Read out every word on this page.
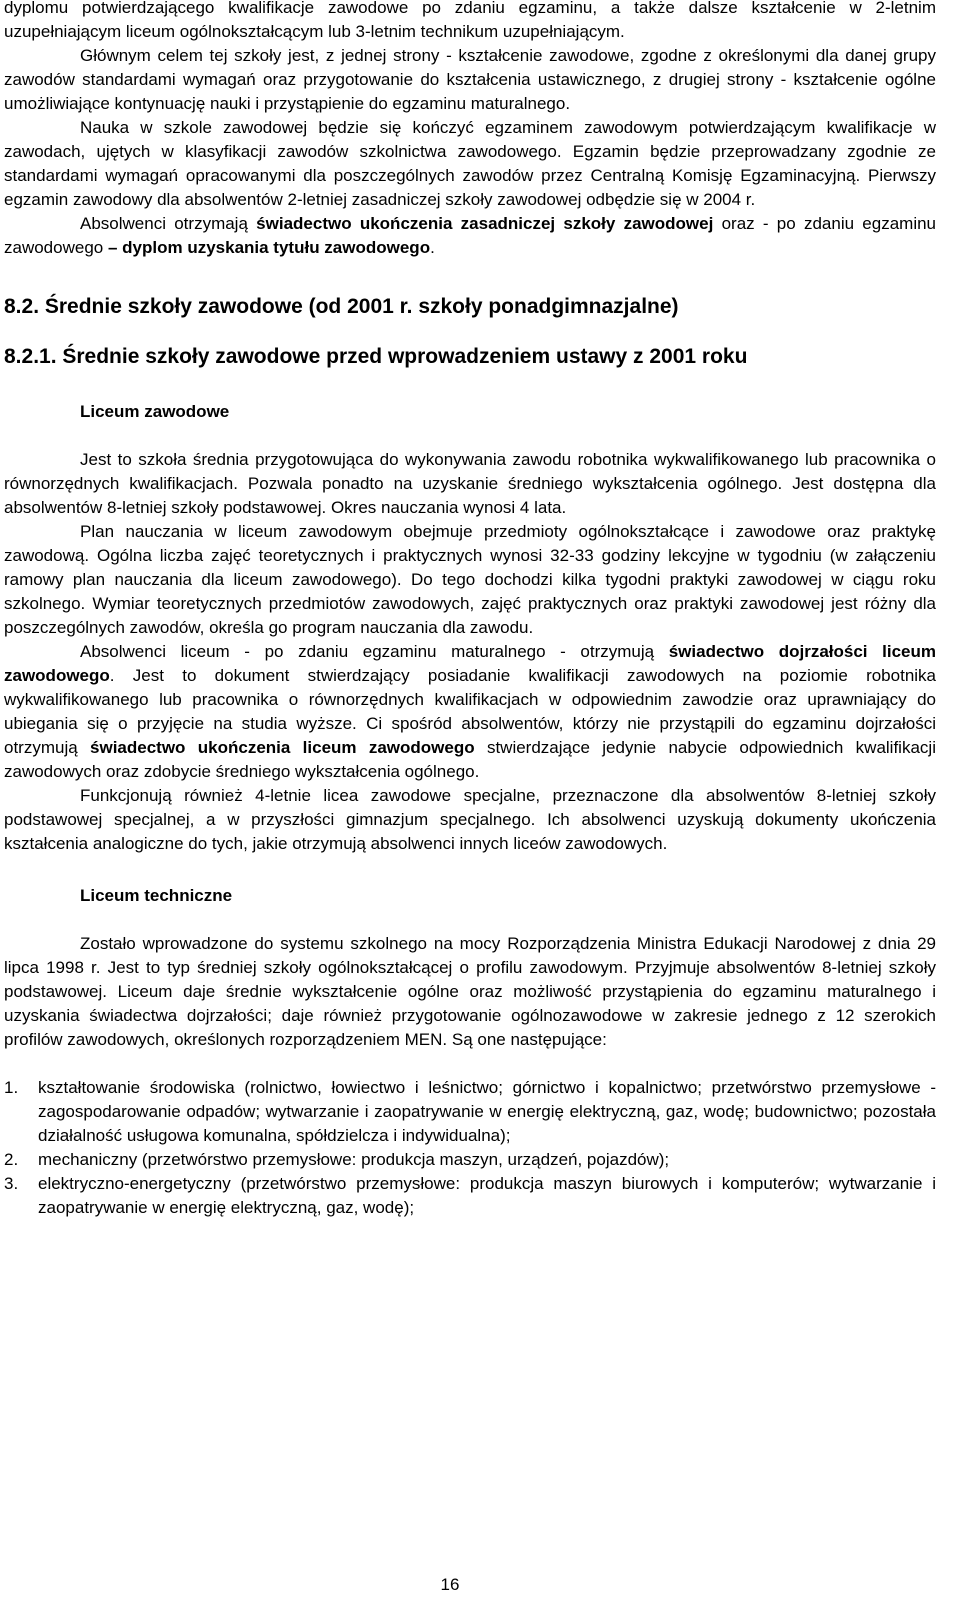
dyplomu potwierdzającego kwalifikacje zawodowe po zdaniu egzaminu, a także dalsze kształcenie w 2-letnim uzupełniającym liceum ogólnokształcącym lub 3-letnim technikum uzupełniającym.

Głównym celem tej szkoły jest, z jednej strony - kształcenie zawodowe, zgodne z określonymi dla danej grupy zawodów standardami wymagań oraz przygotowanie do kształcenia ustawicznego, z drugiej strony - kształcenie ogólne umożliwiające kontynuację nauki i przystąpienie do egzaminu maturalnego.

Nauka w szkole zawodowej będzie się kończyć egzaminem zawodowym potwierdzającym kwalifikacje w zawodach, ujętych w klasyfikacji zawodów szkolnictwa zawodowego. Egzamin będzie przeprowadzany zgodnie ze standardami wymagań opracowanymi dla poszczególnych zawodów przez Centralną Komisję Egzaminacyjną. Pierwszy egzamin zawodowy dla absolwentów 2-letniej zasadniczej szkoły zawodowej odbędzie się w 2004 r.

Absolwenci otrzymają świadectwo ukończenia zasadniczej szkoły zawodowej oraz - po zdaniu egzaminu zawodowego – dyplom uzyskania tytułu zawodowego.

8.2. Średnie szkoły zawodowe (od 2001 r. szkoły ponadgimnazjalne)
8.2.1. Średnie szkoły zawodowe przed wprowadzeniem ustawy z 2001 roku
Liceum zawodowe

Jest to szkoła średnia przygotowująca do wykonywania zawodu robotnika wykwalifikowanego lub pracownika o równorzędnych kwalifikacjach. Pozwala ponadto na uzyskanie średniego wykształcenia ogólnego. Jest dostępna dla absolwentów 8-letniej szkoły podstawowej. Okres nauczania wynosi 4 lata.

Plan nauczania w liceum zawodowym obejmuje przedmioty ogólnokształcące i zawodowe oraz praktykę zawodową. Ogólna liczba zajęć teoretycznych i praktycznych wynosi 32-33 godziny lekcyjne w tygodniu (w załączeniu ramowy plan nauczania dla liceum zawodowego). Do tego dochodzi kilka tygodni praktyki zawodowej w ciągu roku szkolnego. Wymiar teoretycznych przedmiotów zawodowych, zajęć praktycznych oraz praktyki zawodowej jest różny dla poszczególnych zawodów, określa go program nauczania dla zawodu.

Absolwenci liceum - po zdaniu egzaminu maturalnego - otrzymują świadectwo dojrzałości liceum zawodowego. Jest to dokument stwierdzający posiadanie kwalifikacji zawodowych na poziomie robotnika wykwalifikowanego lub pracownika o równorzędnych kwalifikacjach w odpowiednim zawodzie oraz uprawniający do ubiegania się o przyjęcie na studia wyższe. Ci spośród absolwentów, którzy nie przystąpili do egzaminu dojrzałości otrzymują świadectwo ukończenia liceum zawodowego stwierdzające jedynie nabycie odpowiednich kwalifikacji zawodowych oraz zdobycie średniego wykształcenia ogólnego.

Funkcjonują również 4-letnie licea zawodowe specjalne, przeznaczone dla absolwentów 8-letniej szkoły podstawowej specjalnej, a w przyszłości gimnazjum specjalnego. Ich absolwenci uzyskują dokumenty ukończenia kształcenia analogiczne do tych, jakie otrzymują absolwenci innych liceów zawodowych.

Liceum techniczne

Zostało wprowadzone do systemu szkolnego na mocy Rozporządzenia Ministra Edukacji Narodowej z dnia 29 lipca 1998 r. Jest to typ średniej szkoły ogólnokształcącej o profilu zawodowym. Przyjmuje absolwentów 8-letniej szkoły podstawowej. Liceum daje średnie wykształcenie ogólne oraz możliwość przystąpienia do egzaminu maturalnego i uzyskania świadectwa dojrzałości; daje również przygotowanie ogólnozawodowe w zakresie jednego z 12 szerokich profilów zawodowych, określonych rozporządzeniem MEN. Są one następujące:

1. kształtowanie środowiska (rolnictwo, łowiectwo i leśnictwo; górnictwo i kopalnictwo; przetwórstwo przemysłowe -zagospodarowanie odpadów; wytwarzanie i zaopatrywanie w energię elektryczną, gaz, wodę; budownictwo; pozostała działalność usługowa komunalna, spółdzielcza i indywidualna);
2. mechaniczny (przetwórstwo przemysłowe: produkcja maszyn, urządzeń, pojazdów);
3. elektryczno-energetyczny (przetwórstwo przemysłowe: produkcja maszyn biurowych i komputerów; wytwarzanie i zaopatrywanie w energię elektryczną, gaz, wodę);
16
